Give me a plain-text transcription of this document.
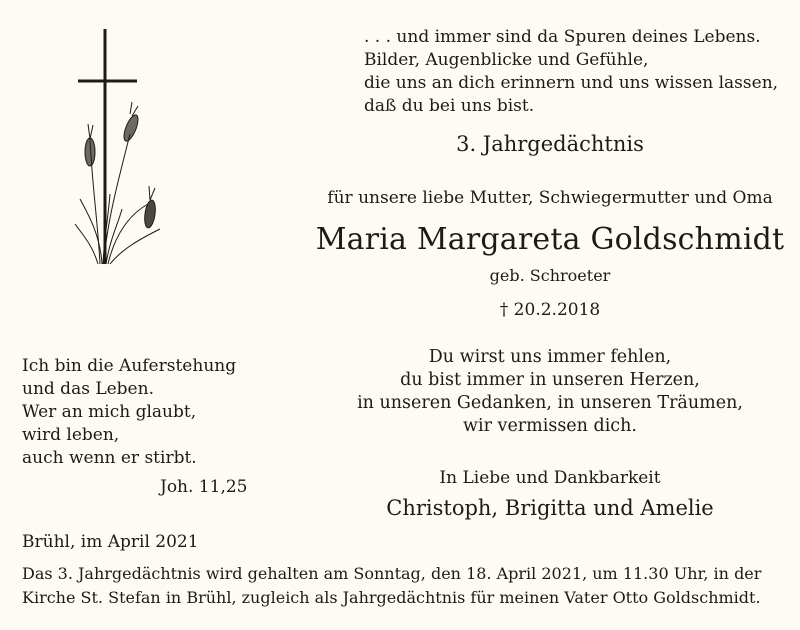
. . . und immer sind da Spuren deines Lebens.
Bilder, Augenblicke und Gefühle,
die uns an dich erinnern und uns wissen lassen,
daß du bei uns bist.
3. Jahrgedächtnis
für unsere liebe Mutter, Schwiegermutter und Oma
Maria Margareta Goldschmidt
geb. Schroeter
† 20.2.2018
Du wirst uns immer fehlen,
du bist immer in unseren Herzen,
in unseren Gedanken, in unseren Träumen,
wir vermissen dich.
In Liebe und Dankbarkeit
Christoph, Brigitta und Amelie
Ich bin die Auferstehung
und das Leben.
Wer an mich glaubt,
wird leben,
auch wenn er stirbt.
Joh. 11,25
Brühl, im April 2021
Das 3. Jahrgedächtnis wird gehalten am Sonntag, den 18. April 2021, um 11.30 Uhr, in der
Kirche St. Stefan in Brühl, zugleich als Jahrgedächtnis für meinen Vater Otto Goldschmidt.
